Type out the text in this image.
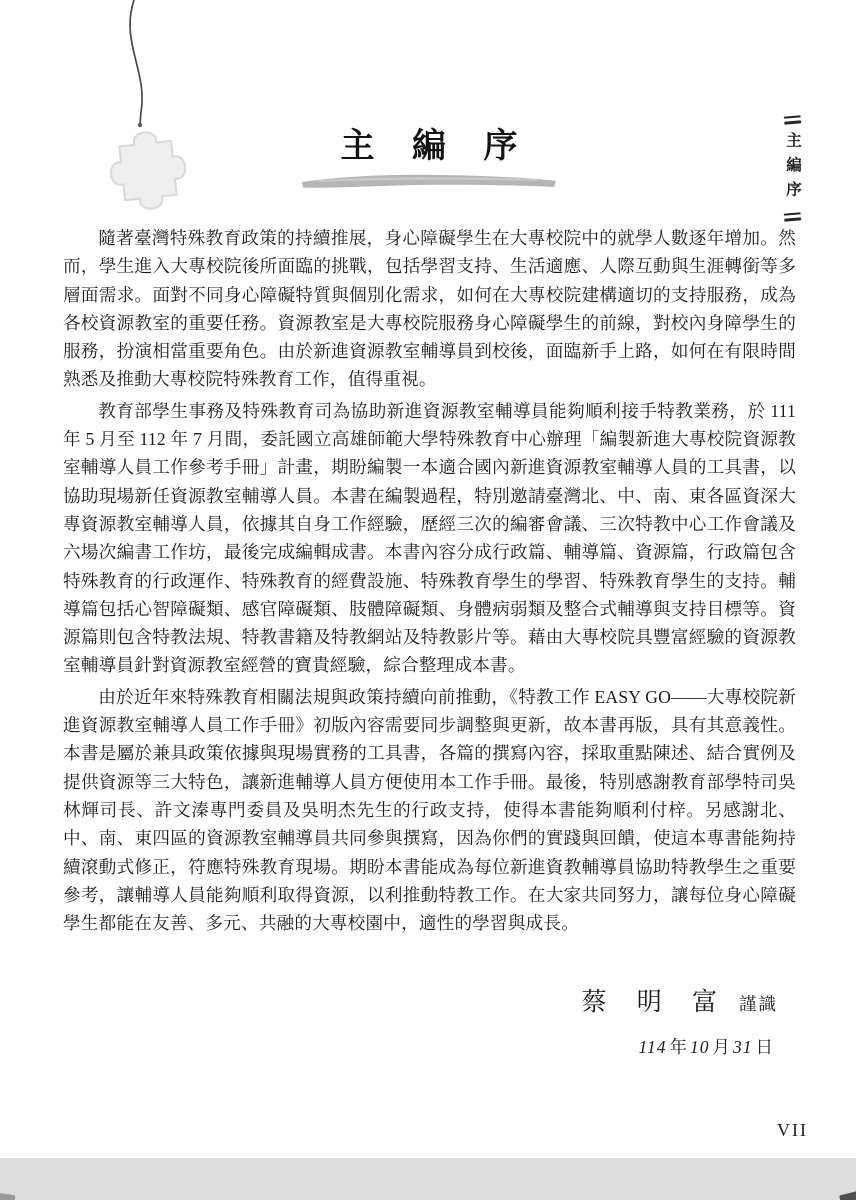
主 編 序	主編序

隨著臺灣特殊教育政策的持續推展，身心障礙學生在大專校院中的就學人數逐年增加。然而，學生進入大專校院後所面臨的挑戰，包括學習支持、生活適應、人際互動與生涯轉銜等多層面需求。面對不同身心障礙特質與個別化需求，如何在大專校院建構適切的支持服務，成為各校資源教室的重要任務。資源教室是大專校院服務身心障礙學生的前線，對校內身障學生的服務，扮演相當重要角色。由於新進資源教室輔導員到校後，面臨新手上路，如何在有限時間熟悉及推動大專校院特殊教育工作，值得重視。

教育部學生事務及特殊教育司為協助新進資源教室輔導員能夠順利接手特教業務，於 111 年 5 月至 112 年 7 月間，委託國立高雄師範大學特殊教育中心辦理「編製新進大專校院資源教室輔導人員工作參考手冊」計畫，期盼編製一本適合國內新進資源教室輔導人員的工具書，以協助現場新任資源教室輔導人員。本書在編製過程，特別邀請臺灣北、中、南、東各區資深大專資源教室輔導人員，依據其自身工作經驗，歷經三次的編審會議、三次特教中心工作會議及六場次編書工作坊，最後完成編輯成書。本書內容分成行政篇、輔導篇、資源篇，行政篇包含特殊教育的行政運作、特殊教育的經費設施、特殊教育學生的學習、特殊教育學生的支持。輔導篇包括心智障礙類、感官障礙類、肢體障礙類、身體病弱類及整合式輔導與支持目標等。資源篇則包含特教法規、特教書籍及特教網站及特教影片等。藉由大專校院具豐富經驗的資源教室輔導員針對資源教室經營的寶貴經驗，綜合整理成本書。

由於近年來特殊教育相關法規與政策持續向前推動，《特教工作 EASY GO——大專校院新進資源教室輔導人員工作手冊》初版內容需要同步調整與更新，故本書再版，具有其意義性。本書是屬於兼具政策依據與現場實務的工具書，各篇的撰寫內容，採取重點陳述、結合實例及提供資源等三大特色，讓新進輔導人員方便使用本工作手冊。最後，特別感謝教育部學特司吳林輝司長、許文溱專門委員及吳明杰先生的行政支持，使得本書能夠順利付梓。另感謝北、中、南、東四區的資源教室輔導員共同參與撰寫，因為你們的實踐與回饋，使這本專書能夠持續滾動式修正，符應特殊教育現場。期盼本書能成為每位新進資教輔導員協助特教學生之重要參考，讓輔導人員能夠順利取得資源，以利推動特教工作。在大家共同努力，讓每位身心障礙學生都能在友善、多元、共融的大專校園中，適性的學習與成長。

蔡 明 富 謹識
114 年 10 月 31 日
VII
